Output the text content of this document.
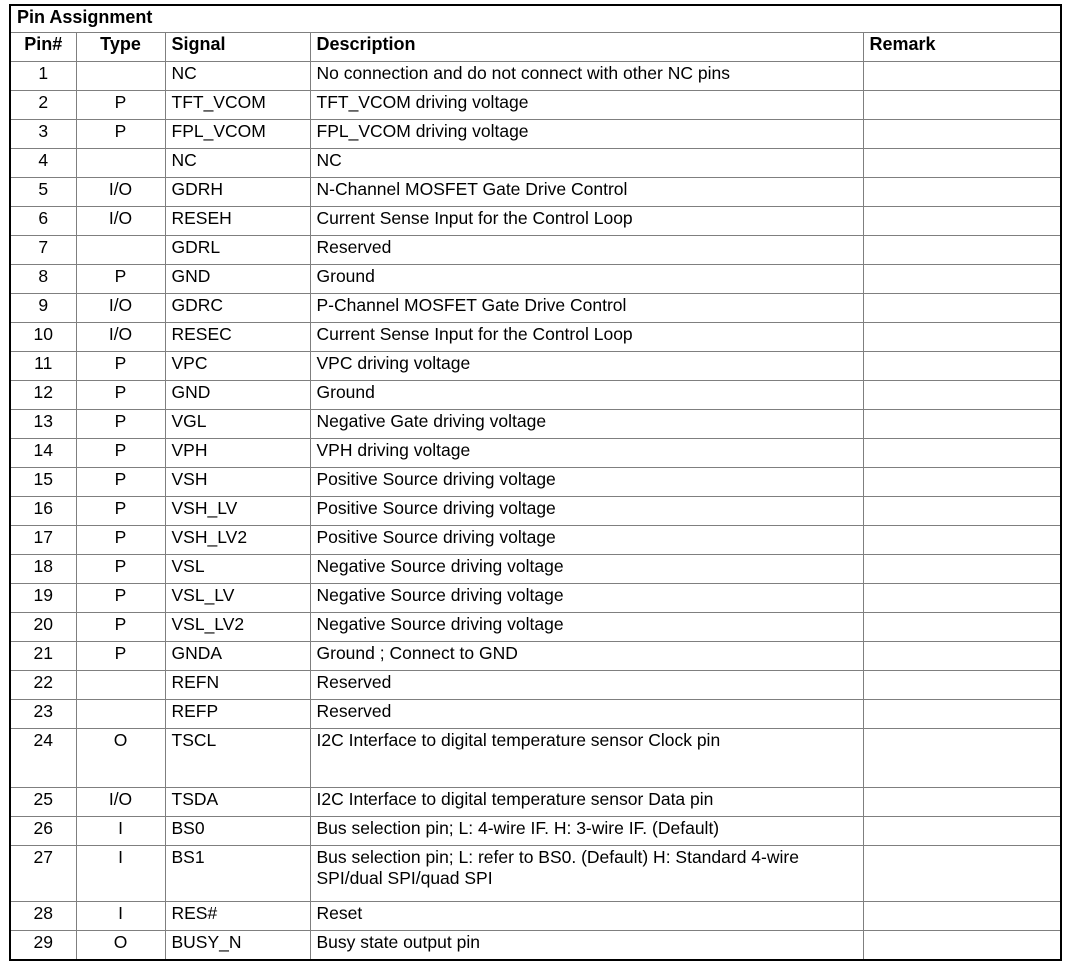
Pin Assignment				
Pin#	Type	Signal	Description	Remark
1		NC	No connection and do not connect with other NC pins	
2	P	TFT_VCOM	TFT_VCOM driving voltage	
3	P	FPL_VCOM	FPL_VCOM driving voltage	
4		NC	NC	
5	I/O	GDRH	N-Channel MOSFET Gate Drive Control	
6	I/O	RESEH	Current Sense Input for the Control Loop	
7		GDRL	Reserved	
8	P	GND	Ground	
9	I/O	GDRC	P-Channel MOSFET Gate Drive Control	
10	I/O	RESEC	Current Sense Input for the Control Loop	
11	P	VPC	VPC driving voltage	
12	P	GND	Ground	
13	P	VGL	Negative Gate driving voltage	
14	P	VPH	VPH driving voltage	
15	P	VSH	Positive Source driving voltage	
16	P	VSH_LV	Positive Source driving voltage	
17	P	VSH_LV2	Positive Source driving voltage	
18	P	VSL	Negative Source driving voltage	
19	P	VSL_LV	Negative Source driving voltage	
20	P	VSL_LV2	Negative Source driving voltage	
21	P	GNDA	Ground ; Connect to GND	
22		REFN	Reserved	
23		REFP	Reserved	
24	O	TSCL	I2C Interface to digital temperature sensor Clock pin	
25	I/O	TSDA	I2C Interface to digital temperature sensor Data pin	
26	I	BS0	Bus selection pin; L: 4-wire IF. H: 3-wire IF. (Default)	
27	I	BS1	Bus selection pin; L: refer to BS0. (Default) H: Standard 4-wire SPI/dual SPI/quad SPI	
28	I	RES#	Reset	
29	O	BUSY_N	Busy state output pin	
